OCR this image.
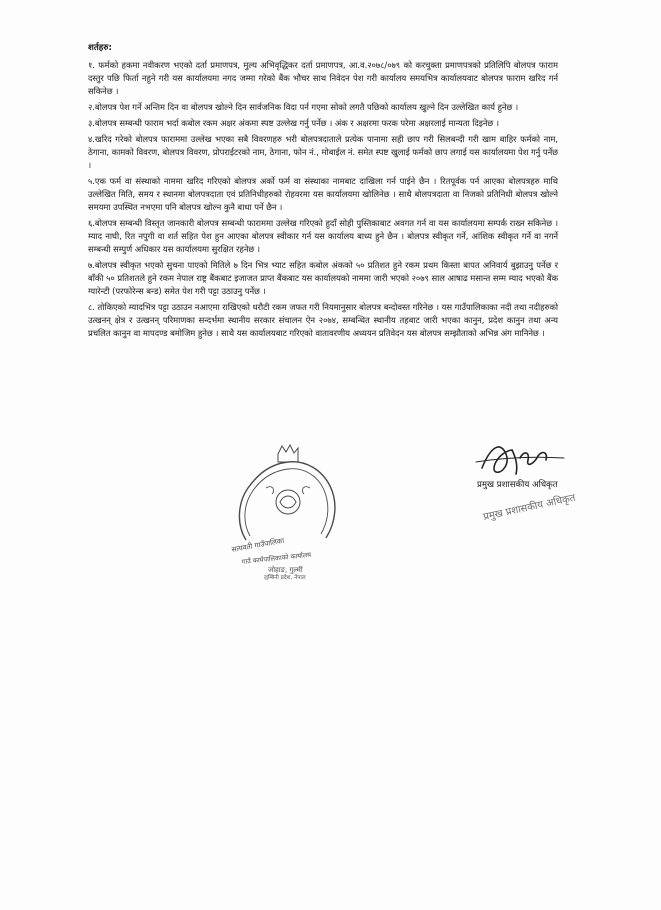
शर्तहरु:

१. फर्मको हकमा नवीकरण भएको दर्ता प्रमाणपत्र, मुल्य अभिवृद्धिकर दर्ता प्रमाणपत्र, आ.व.२०७८/०७९ को करचुक्ता प्रमाणपत्रको प्रतिलिपि बोलपत्र फाराम दस्तुर पछि फिर्ता नहुने गरी यस कार्यालयमा नगद जम्मा गरेको बैंक भौचर साथ निवेदन पेश गरी कार्यालय समयभित्र कार्यालयवाट बोलपत्र फाराम खरिद गर्न सकिनेछ ।

२.बोलपत्र पेश गर्ने अन्तिम दिन वा बोलपत्र खोल्ने दिन सार्वजनिक विदा पर्न गएमा सोको लगतै पछिको कार्यालय खुल्ने दिन उल्लेखित कार्य हुनेछ ।

३.बोलपत्र सम्बन्धी फाराम भर्दा कबोल रकम अक्षर अंकमा स्पष्ट उल्लेख गर्नु पर्नेछ । अंक र अक्षरमा फरक परेमा अक्षरलाई मान्यता दिइनेछ ।

४.खरिद गरेको बोलपत्र फाराममा उल्लेख भएका सबै विवरणहरु भरी बोलपत्रदाताले प्रत्येक पानामा सही छाप गरी सिलबन्दी गरी खाम बाहिर फर्मको नाम, ठेगाना, कामको विवरण, बोलपत्र विवरण, प्रोपराईटरको नाम, ठेगाना, फोन नं., मोबाईल नं. समेत स्पष्ट खुलाई फर्मको छाप लगाई यस कार्यालयमा पेश गर्नु पर्नेछ ।

५.एक फर्म वा संस्थाको नाममा खरिद गरिएको बोलपत्र अर्को फर्म वा संस्थाका नामबाट दाखिला गर्न पाईने छैन । रितपूर्वक पर्न आएका बोलपत्रहरु माथि उल्लेखित मिति, समय र स्थानमा बोलपत्रदाता एवं प्रतिनिधीहरुको रोहवरमा यस कार्यालयमा खोलिनेछ । साथै बोलपत्रदाता वा निजको प्रतिनिधी बोलपत्र खोल्ने समयमा उपस्थित नभएमा पनि बोलपत्र खोल्न कुनै बाधा पर्ने छैन ।

६.बोलपत्र सम्बन्धी विस्तृत जानकारी बोलपत्र सम्बन्धी फाराममा उल्लेख गरिएको हुदाँ सोही पुस्तिकाबाट अवगत गर्न वा यस कार्यालयमा सम्पर्क राख्न सकिनेछ । म्याद नाघी, रित नपुगी वा शर्त सहित पेश हुन आएका बोलपत्र स्वीकार गर्न यस कार्यालय बाध्य हुने छैन । बोलपत्र स्वीकृत गर्ने, आंशिक स्वीकृत गर्ने वा नगर्ने सम्बन्धी सम्पुर्ण अधिकार यस कार्यालयमा सुरक्षित रहनेछ ।

७.बोलपत्र स्वीकृत भएको सुचना पाएको मितिले ७ दिन भित्र भ्याट सहित कबोल अंकको ५० प्रतिशत हुने रकम प्रथम किस्ता बापत अनिवार्य बुझाउनु पर्नेछ र बाँकी ५० प्रतिशतले हुने रकम नेपाल राष्ट्र बैंकबाट इजाजत प्राप्त बैंकबाट यस कार्यालयको नाममा जारी भएको २०७९ साल आषाढ मसान्त सम्म म्याद भएको बैंक ग्यारेन्टी (परफोरेन्स बन्ड) समेत पेश गरी पट्टा उठाउनु पर्नेछ ।

८. तोकिएको म्यादभित्र पट्टा उठाउन नआएमा राखिएको धरौटी रकम जफत गरी नियमानुसार बोलपत्र बन्दोवस्त गरिनेछ । यस गाउँपालिकाका नदी तथा नदीहरुको उत्खनन् क्षेत्र र उत्खनन् परिमाणका सन्दर्भमा स्थानीय सरकार संचालन ऐन २०७४, सम्बन्धित स्थानीय तहबाट जारी भएका कानुन, प्रदेश कानुन तथा अन्य प्रचलित कानुन वा मापदण्ड बमोजिम हुनेछ । साथै यस कार्यालयबाट गरिएको वातावरणीय अध्ययन प्रतिवेदन यस बोलपत्र सम्झौताको अभिन्न अंग मानिनेछ ।

सत्यवती गाउँपालिका
गाउँ कार्यपालिकाको कार्यालय
जोहाङ, गुल्मी
लुम्बिनी प्रदेश, नेपाल
प्रमुख प्रशासकीय अधिकृत
प्रमुख प्रशासकीय अधिकृत
